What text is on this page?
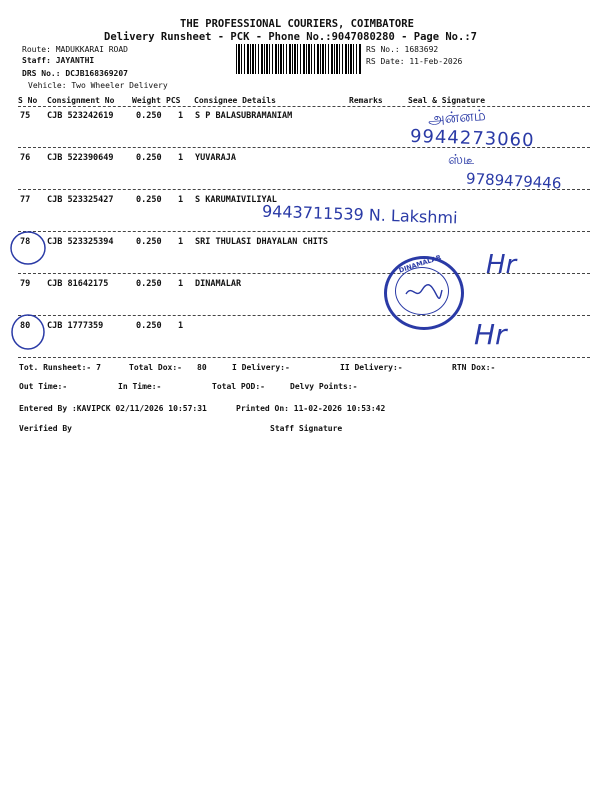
THE PROFESSIONAL COURIERS, COIMBATORE
Delivery Runsheet - PCK - Phone No.:9047080280 - Page No.:7
Route: MADUKKARAI ROAD
Staff: JAYANTHI
DRS No.: DCJB168369207
Vehicle: Two Wheeler Delivery
RS No.: 1683692
RS Date: 11-Feb-2026
S No Consignment No Weight PCS Consignee Details	Remarks	Seal & Signature
75 CJB 523242619	0.250 1 S P BALASUBRAMANIAM
76 CJB 522390649	0.250 1 YUVARAJA
77 CJB 523325427	0.250 1 S KARUMAIVILIYAL
78 CJB 523325394	0.250 1 SRI THULASI DHAYALAN CHITS
79 CJB 81642175	0.250 1 DINAMALAR
80 CJB 1777359	0.250 1
அன்னம்
9944273060
ஸ்டீ
9789479446
9443711539 N. Lakshmi
DINAMALAR Hr
Hr
Tot. Runsheet:- 7	Total Dox:- 80	I Delivery:-	II Delivery:-	RTN Dox:-
Out Time:-	In Time:-	Total POD:-	Delvy Points:-
Entered By :KAVIPCK 02/11/2026 10:57:31	Printed On: 11-02-2026 10:53:42
Verified By	Staff Signature
